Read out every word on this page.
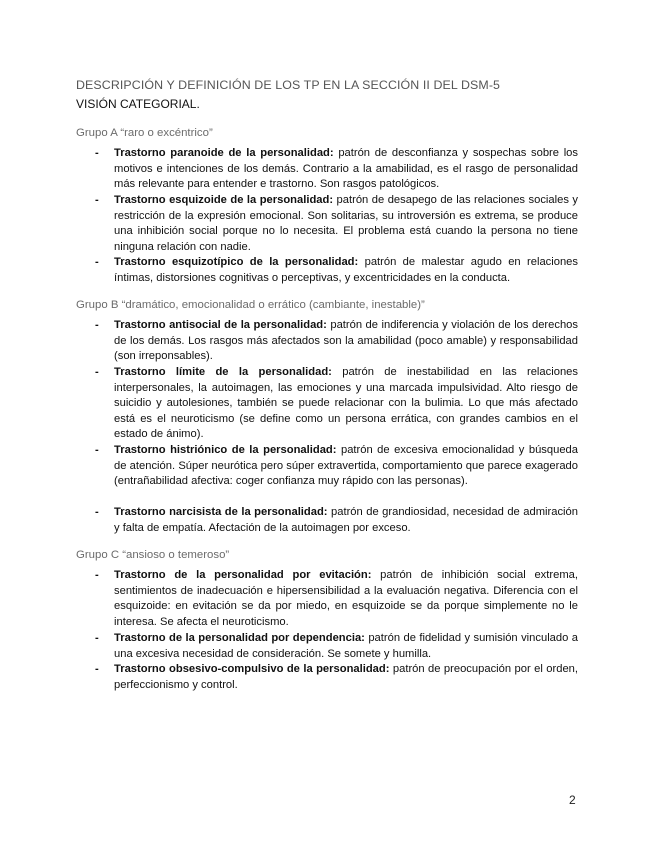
DESCRIPCIÓN Y DEFINICIÓN DE LOS TP EN LA SECCIÓN II DEL DSM-5
VISIÓN CATEGORIAL.
Grupo A “raro o excéntrico”
- Trastorno paranoide de la personalidad: patrón de desconfianza y sospechas sobre los motivos e intenciones de los demás. Contrario a la amabilidad, es el rasgo de personalidad más relevante para entender e trastorno. Son rasgos patológicos.
- Trastorno esquizoide de la personalidad: patrón de desapego de las relaciones sociales y restricción de la expresión emocional. Son solitarias, su introversión es extrema, se produce una inhibición social porque no lo necesita. El problema está cuando la persona no tiene ninguna relación con nadie.
- Trastorno esquizotípico de la personalidad: patrón de malestar agudo en relaciones íntimas, distorsiones cognitivas o perceptivas, y excentricidades en la conducta.
Grupo B “dramático, emocionalidad o errático (cambiante, inestable)”
- Trastorno antisocial de la personalidad: patrón de indiferencia y violación de los derechos de los demás. Los rasgos más afectados son la amabilidad (poco amable) y responsabilidad (son irreponsables).
- Trastorno límite de la personalidad: patrón de inestabilidad en las relaciones interpersonales, la autoimagen, las emociones y una marcada impulsividad. Alto riesgo de suicidio y autolesiones, también se puede relacionar con la bulimia. Lo que más afectado está es el neuroticismo (se define como un persona errática, con grandes cambios en el estado de ánimo).
- Trastorno histriónico de la personalidad: patrón de excesiva emocionalidad y búsqueda de atención. Súper neurótica pero súper extravertida, comportamiento que parece exagerado (entrañabilidad afectiva: coger confianza muy rápido con las personas).
- Trastorno narcisista de la personalidad: patrón de grandiosidad, necesidad de admiración y falta de empatía. Afectación de la autoimagen por exceso.
Grupo C “ansioso o temeroso”
- Trastorno de la personalidad por evitación: patrón de inhibición social extrema, sentimientos de inadecuación e hipersensibilidad a la evaluación negativa. Diferencia con el esquizoide: en evitación se da por miedo, en esquizoide se da porque simplemente no le interesa. Se afecta el neuroticismo.
- Trastorno de la personalidad por dependencia: patrón de fidelidad y sumisión vinculado a una excesiva necesidad de consideración. Se somete y humilla.
- Trastorno obsesivo-compulsivo de la personalidad: patrón de preocupación por el orden, perfeccionismo y control.
2
